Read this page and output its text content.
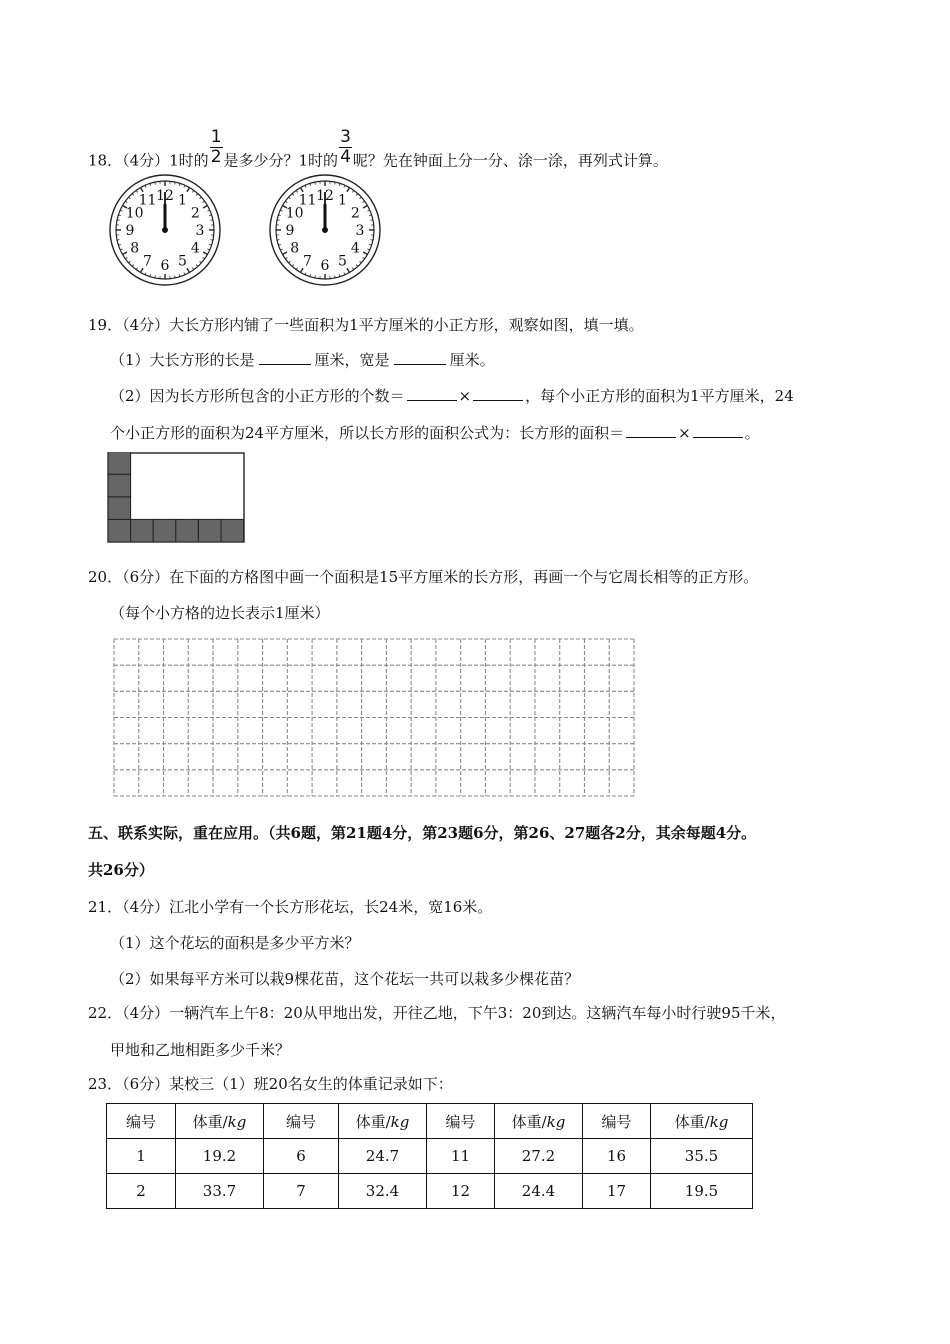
18．（4分）1时的 $\frac{1}{2}$ 是多少分？1时的 $\frac{3}{4}$ 呢？先在钟面上分一分、涂一涂，再列式计算。
12 1
2
3
4
5
6
7
8
9
10
11	12 1
2
3
4
5
6
7
8
9
10
11
19．（4分）大长方形内铺了一些面积为1平方厘米的小正方形，观察如图，填一填。
（1）大长方形的长是	厘米，宽是	厘米。
（2）因为长方形所包含的小正方形的个数＝	×	，每个小正方形的面积为1平方厘米，24
个小正方形的面积为24平方厘米，所以长方形的面积公式为：长方形的面积＝	×	。
20．（6分）在下面的方格图中画一个面积是15平方厘米的长方形，再画一个与它周长相等的正方形。
（每个小方格的边长表示1厘米）
五、联系实际，重在应用。（共6题，第21题4分，第23题6分，第26、27题各2分，其余每题4分。
共26分）
21．（4分）江北小学有一个长方形花坛，长24米，宽16米。
（1）这个花坛的面积是多少平方米？
（2）如果每平方米可以栽9棵花苗，这个花坛一共可以栽多少棵花苗？
22．（4分）一辆汽车上午8：20从甲地出发，开往乙地，下午3：20到达。这辆汽车每小时行驶95千米，
甲地和乙地相距多少千米？
23．（6分）某校三（1）班20名女生的体重记录如下：
编号	体重/kg	编号	体重/kg	编号	体重/kg	编号	体重/kg
1	19.2	6	24.7	11	27.2	16	35.5
2	33.7	7	32.4	12	24.4	17	19.5
